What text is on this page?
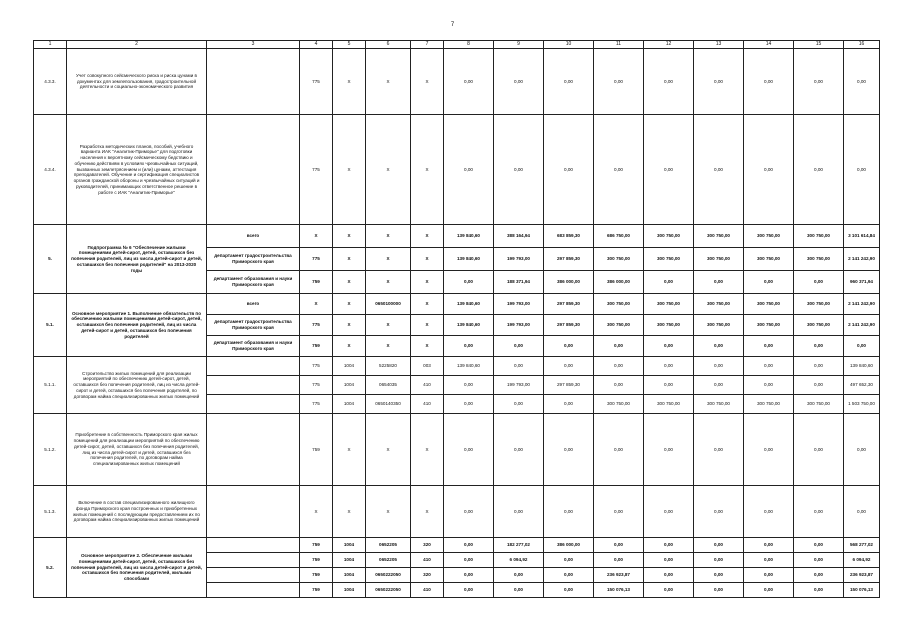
7
1	2	3	4	5	6	7	8	9	10	11	12	13	14	15	16
4.3.3.	Учет совокупного сейсмического риска и риска цунами в документах для землепользования, градостроительной деятельности и социально-экономического развития		775	X	X	X	0,00	0,00	0,00	0,00	0,00	0,00	0,00	0,00	0,00
4.3.4.	Разработка методических планов, пособий, учебного варианта ИАК "Аналитик-Приморье" для подготовки населения к вероятному сейсмическому бедствию и обучению действиям в условиях чрезвычайных ситуаций, вызванных землетрясением и (или) цунами, аттестация преподавателей. Обучение и сертификация специалистов органов гражданской обороны и чрезвычайных ситуаций и руководителей, принимающих ответственное решение в работе с ИАК "Аналитик-Приморье"		775	X	X	X	0,00	0,00	0,00	0,00	0,00	0,00	0,00	0,00	0,00
5.	Подпрограмма № 6 "Обеспечение жилыми помещениями детей-сирот, детей, оставшихся без попечения родителей, лиц из числа детей-сирот и детей, оставшихся без попечения родителей" на 2013-2020 годы	всего	X	X	X	X	139 840,60	388 164,94	683 859,30	686 750,00	300 750,00	300 750,00	300 750,00	300 750,00	3 101 614,84
		департамент градостроительства Приморского края	775	X	X	X	139 840,60	199 793,00	297 859,30	300 750,00	300 750,00	300 750,00	300 750,00	300 750,00	2 141 242,90
		департамент образования и науки Приморского края	759	X	X	X	0,00	188 371,94	386 000,00	386 000,00	0,00	0,00	0,00	0,00	960 371,94
5.1.	Основное мероприятие 1. Выполнение обязательств по обеспечению жилыми помещениями детей-сирот, детей, оставшихся без попечения родителей, лиц из числа детей-сирот и детей, оставшихся без попечения родителей	всего	X	X	0650100000	X	139 840,60	199 793,00	297 859,30	300 750,00	300 750,00	300 750,00	300 750,00	300 750,00	2 141 242,90
		департамент градостроительства Приморского края	775	X	X	X	139 840,60	199 793,00	297 859,30	300 750,00	300 750,00	300 750,00	300 750,00	300 750,00	2 141 242,90
		департамент образования и науки Приморского края	759	X	X	X	0,00	0,00	0,00	0,00	0,00	0,00	0,00	0,00	0,00
5.1.1.	Строительство жилых помещений для реализации мероприятий по обеспечению детей-сирот, детей, оставшихся без попечения родителей, лиц из числа детей-сирот и детей, оставшихся без попечения родителей, по договорам найма специализированных жилых помещений		775	1004	5225820	003	139 840,60	0,00	0,00	0,00	0,00	0,00	0,00	0,00	139 840,60
			775	1004	0654035	410	0,00	199 793,00	297 859,30	0,00	0,00	0,00	0,00	0,00	497 652,30
			775	1004	0650140350	410	0,00	0,00	0,00	300 750,00	300 750,00	300 750,00	300 750,00	300 750,00	1 503 750,00
5.1.2.	Приобретение в собственность Приморского края жилых помещений для реализации мероприятий по обеспечению детей-сирот, детей, оставшихся без попечения родителей, лиц из числа детей-сирот и детей, оставшихся без попечения родителей, по договорам найма специализированных жилых помещений		759	X	X	X	0,00	0,00	0,00	0,00	0,00	0,00	0,00	0,00	0,00
5.1.3.	Включение в состав специализированного жилищного фонда Приморского края построенных и приобретенных жилых помещений с последующим предоставлением их по договорам найма специализированных жилых помещений		X	X	X	X	0,00	0,00	0,00	0,00	0,00	0,00	0,00	0,00	0,00
5.2.	Основное мероприятие 2. Обеспечение жилыми помещениями детей-сирот, детей, оставшихся без попечения родителей, лиц из числа детей-сирот и детей, оставшихся без попечения родителей, жилыми способами		759	1004	0652205	320	0,00	182 277,02	386 000,00	0,00	0,00	0,00	0,00	0,00	568 277,02
			759	1004	0652205	410	0,00	6 094,92	0,00	0,00	0,00	0,00	0,00	0,00	6 094,92
			759	1004	0650222050	320	0,00	0,00	0,00	236 923,87	0,00	0,00	0,00	0,00	236 923,87
			759	1004	0650222050	410	0,00	0,00	0,00	150 076,13	0,00	0,00	0,00	0,00	150 076,13
